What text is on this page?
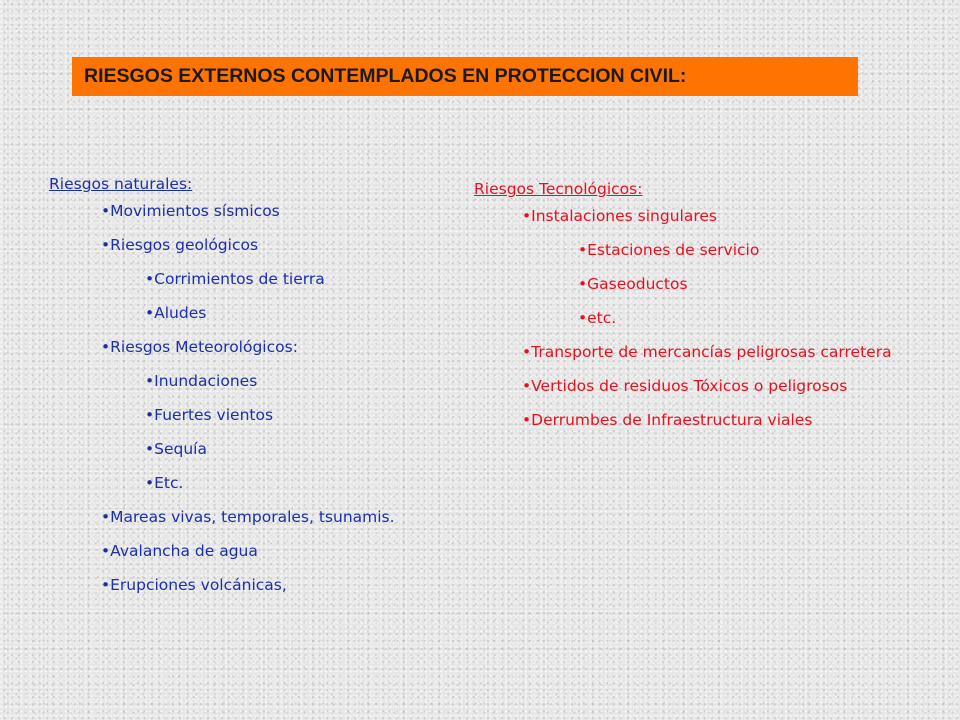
RIESGOS EXTERNOS CONTEMPLADOS EN PROTECCION CIVIL:
Riesgos naturales:
•Movimientos sísmicos
•Riesgos geológicos
•Corrimientos de tierra
•Aludes
•Riesgos Meteorológicos:
•Inundaciones
•Fuertes vientos
•Sequía
•Etc.
•Mareas vivas, temporales, tsunamis.
•Avalancha de agua
•Erupciones volcánicas,
Riesgos Tecnológicos:
•Instalaciones singulares
•Estaciones de servicio
•Gaseoductos
•etc.
•Transporte de mercancías peligrosas carretera
•Vertidos de residuos Tóxicos o peligrosos
•Derrumbes de Infraestructura viales
